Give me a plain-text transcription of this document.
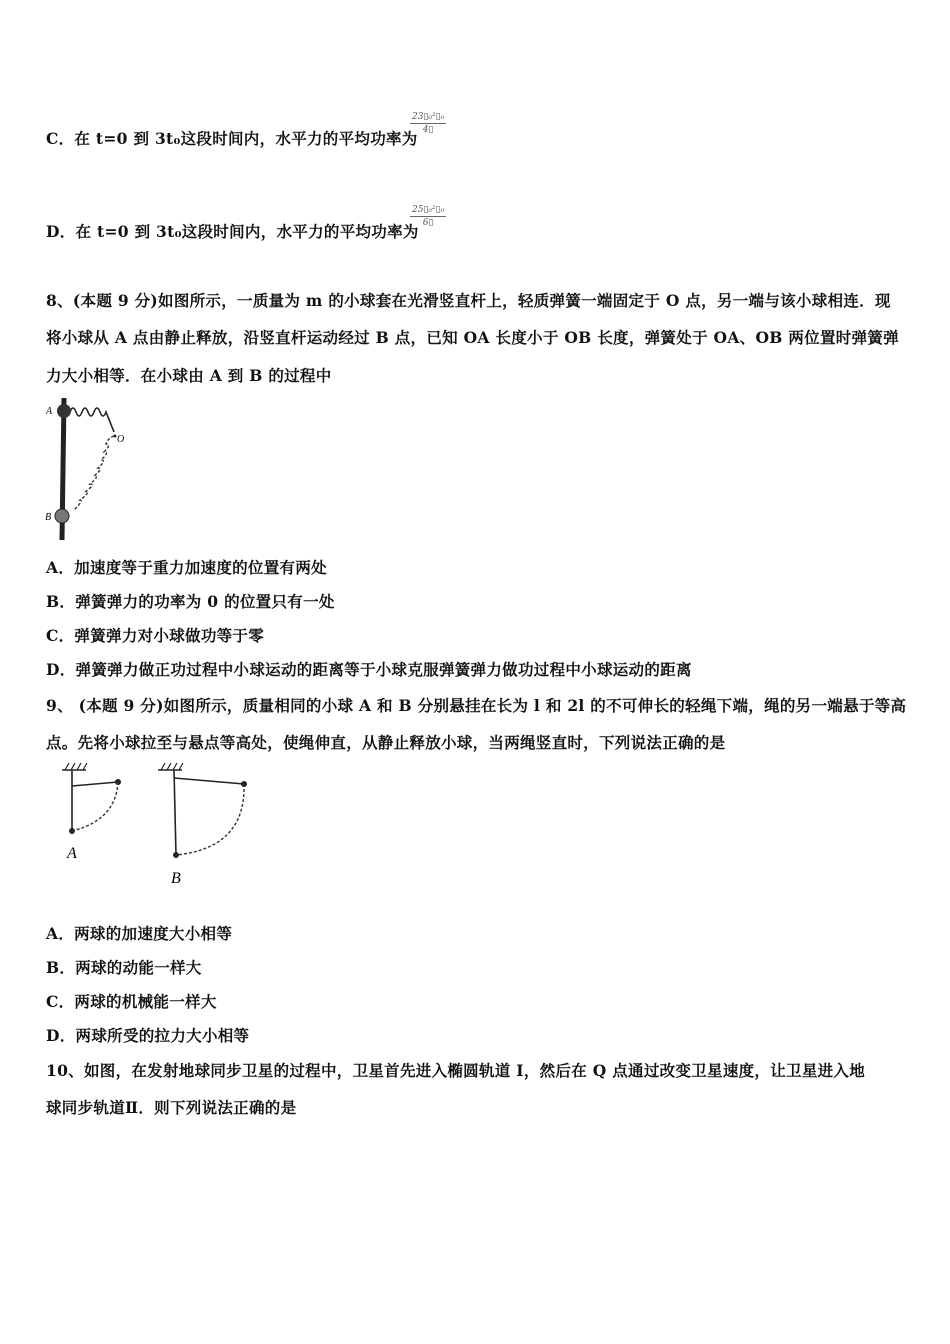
C．在 t=0 到 3t₀这段时间内，水平力的平均功率为
$\frac{\text{23▯₀²▯₀}}{4▯}$
D．在 t=0 到 3t₀这段时间内，水平力的平均功率为
$\frac{\text{25▯₀²▯₀}}{6▯}$
8、(本题 9 分)如图所示，一质量为 m 的小球套在光滑竖直杆上，轻质弹簧一端固定于 O 点，另一端与该小球相连．现
将小球从 A 点由静止释放，沿竖直杆运动经过 B 点，已知 OA 长度小于 OB 长度，弹簧处于 OA、OB 两位置时弹簧弹
力大小相等．在小球由 A 到 B 的过程中
A
B
O
A．加速度等于重力加速度的位置有两处
B．弹簧弹力的功率为 0 的位置只有一处
C．弹簧弹力对小球做功等于零
D．弹簧弹力做正功过程中小球运动的距离等于小球克服弹簧弹力做功过程中小球运动的距离
9、 (本题 9 分)如图所示，质量相同的小球 A 和 B 分别悬挂在长为 l 和 2l 的不可伸长的轻绳下端，绳的另一端悬于等高
点。先将小球拉至与悬点等高处，使绳伸直，从静止释放小球，当两绳竖直时，下列说法正确的是
A
B
A．两球的加速度大小相等
B．两球的动能一样大
C．两球的机械能一样大
D．两球所受的拉力大小相等
10、如图，在发射地球同步卫星的过程中，卫星首先进入椭圆轨道 I，然后在 Q 点通过改变卫星速度，让卫星进入地
球同步轨道Ⅱ．则下列说法正确的是
